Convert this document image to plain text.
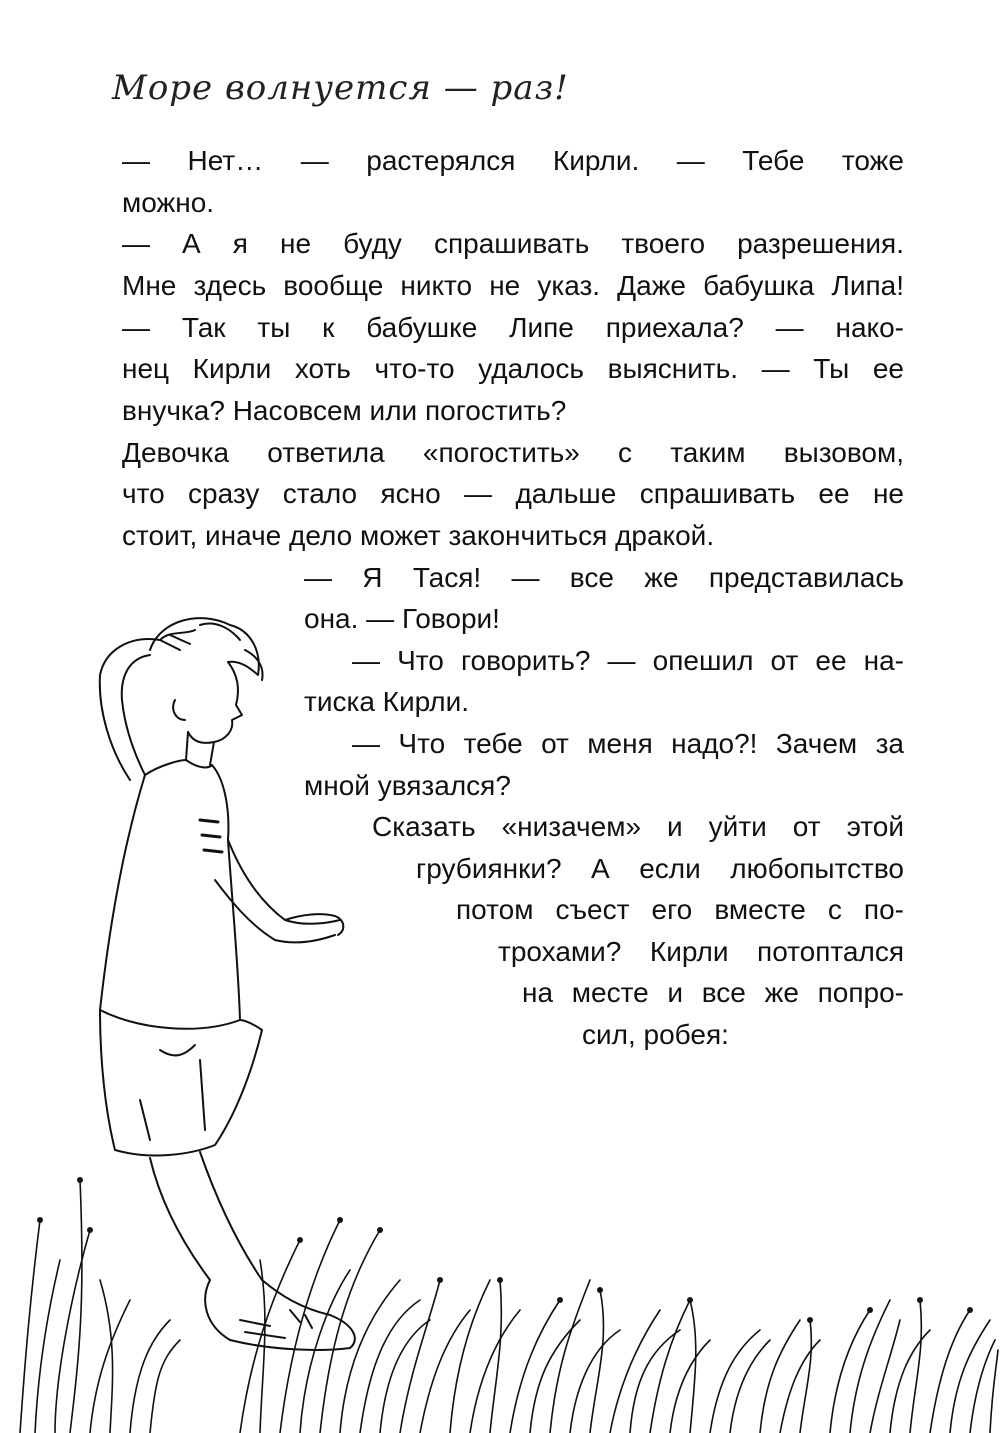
Море волнуется — раз!
— Нет… — растерялся Кирли. — Тебе тоже
можно.
— А я не буду спрашивать твоего разрешения.
Мне здесь вообще никто не указ. Даже бабушка Липа!
— Так ты к бабушке Липе приехала? — нако-
нец Кирли хоть что-то удалось выяснить. — Ты ее
внучка? Насовсем или погостить?
Девочка ответила «погостить» с таким вызовом,
что сразу стало ясно — дальше спрашивать ее не
стоит, иначе дело может закончиться дракой.
— Я Тася! — все же представилась
она. — Говори!
— Что говорить? — опешил от ее на-
тиска Кирли.
— Что тебе от меня надо?! Зачем за
мной увязался?
Сказать «низачем» и уйти от этой
грубиянки? А если любопытство
потом съест его вместе с по-
трохами? Кирли потоптался
на месте и все же попро-
сил, робея:
